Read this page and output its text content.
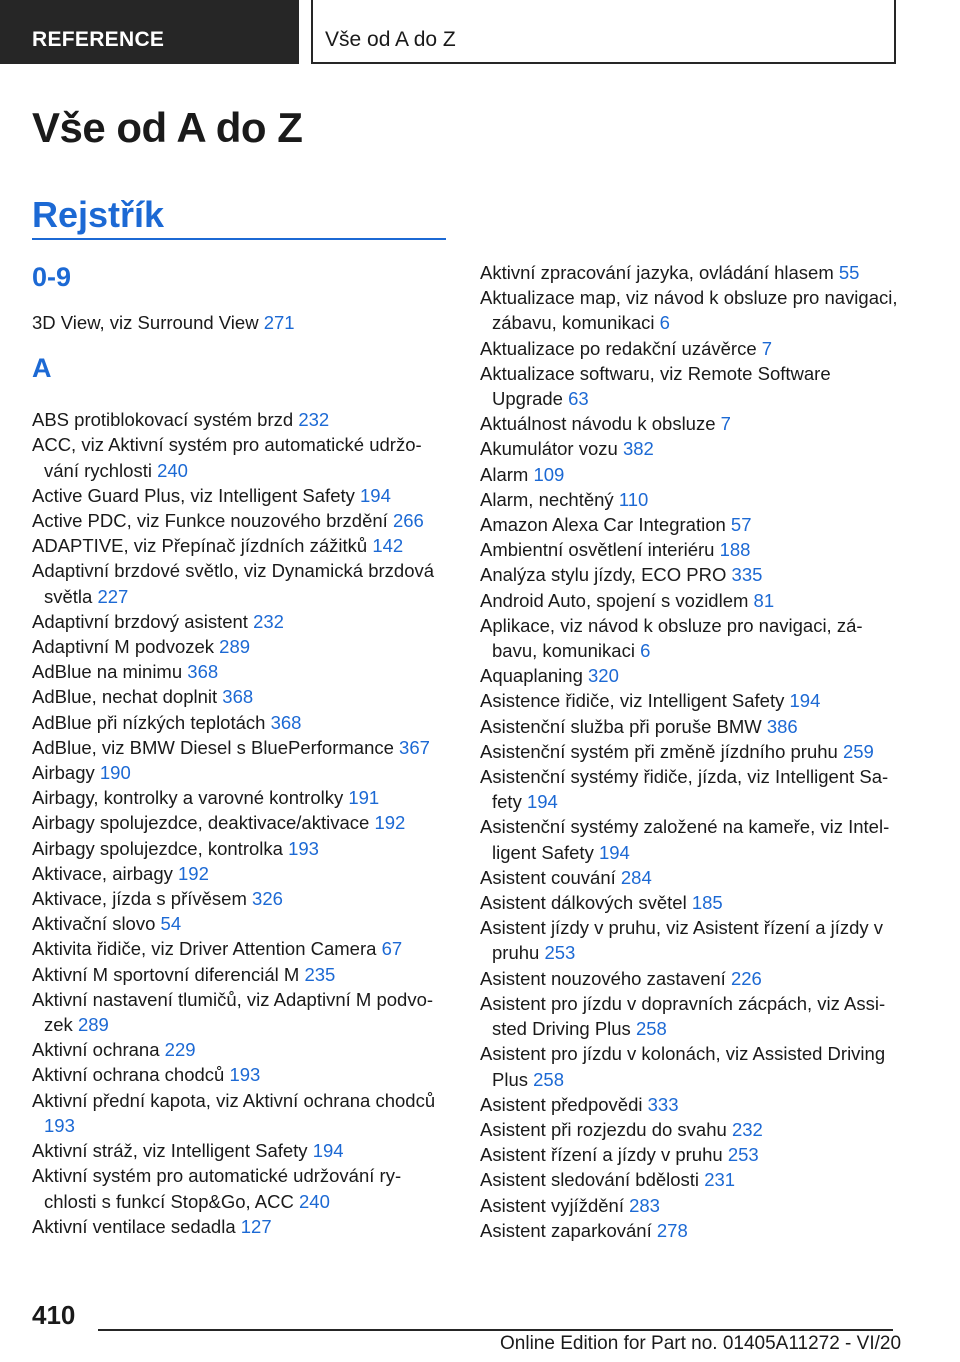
REFERENCE	Vše od A do Z
Vše od A do Z
Rejstřík
0-9

3D View, viz Surround View 271

A

ABS protiblokovací systém brzd 232

ACC, viz Aktivní systém pro automatické udržování rychlosti 240

Active Guard Plus, viz Intelligent Safety 194

Active PDC, viz Funkce nouzového brzdění 266

ADAPTIVE, viz Přepínač jízdních zážitků 142

Adaptivní brzdové světlo, viz Dynamická brzdová světla 227

Adaptivní brzdový asistent 232

Adaptivní M podvozek 289

AdBlue na minimu 368

AdBlue, nechat doplnit 368

AdBlue při nízkých teplotách 368

AdBlue, viz BMW Diesel s BluePerformance 367

Airbagy 190

Airbagy, kontrolky a varovné kontrolky 191

Airbagy spolujezdce, deaktivace/aktivace 192

Airbagy spolujezdce, kontrolka 193

Aktivace, airbagy 192

Aktivace, jízda s přívěsem 326

Aktivační slovo 54

Aktivita řidiče, viz Driver Attention Camera 67

Aktivní M sportovní diferenciál M 235

Aktivní nastavení tlumičů, viz Adaptivní M podvozek 289

Aktivní ochrana 229

Aktivní ochrana chodců 193

Aktivní přední kapota, viz Aktivní ochrana chodců 193

Aktivní stráž, viz Intelligent Safety 194

Aktivní systém pro automatické udržování rychlosti s funkcí Stop&Go, ACC 240

Aktivní ventilace sedadla 127

Aktivní zpracování jazyka, ovládání hlasem 55

Aktualizace map, viz návod k obsluze pro navigaci, zábavu, komunikaci 6

Aktualizace po redakční uzávěrce 7

Aktualizace softwaru, viz Remote Software Upgrade 63

Aktuálnost návodu k obsluze 7

Akumulátor vozu 382

Alarm 109

Alarm, nechtěný 110

Amazon Alexa Car Integration 57

Ambientní osvětlení interiéru 188

Analýza stylu jízdy, ECO PRO 335

Android Auto, spojení s vozidlem 81

Aplikace, viz návod k obsluze pro navigaci, zábavu, komunikaci 6

Aquaplaning 320

Asistence řidiče, viz Intelligent Safety 194

Asistenční služba při poruše BMW 386

Asistenční systém při změně jízdního pruhu 259

Asistenční systémy řidiče, jízda, viz Intelligent Safety 194

Asistenční systémy založené na kameře, viz Intelligent Safety 194

Asistent couvání 284

Asistent dálkových světel 185

Asistent jízdy v pruhu, viz Asistent řízení a jízdy v pruhu 253

Asistent nouzového zastavení 226

Asistent pro jízdu v dopravních zácpách, viz Assisted Driving Plus 258

Asistent pro jízdu v kolonách, viz Assisted Driving Plus 258

Asistent předpovědi 333

Asistent při rozjezdu do svahu 232

Asistent řízení a jízdy v pruhu 253

Asistent sledování bdělosti 231

Asistent vyjíždění 283

Asistent zaparkování 278

410
Online Edition for Part no. 01405A11272 - VI/20
